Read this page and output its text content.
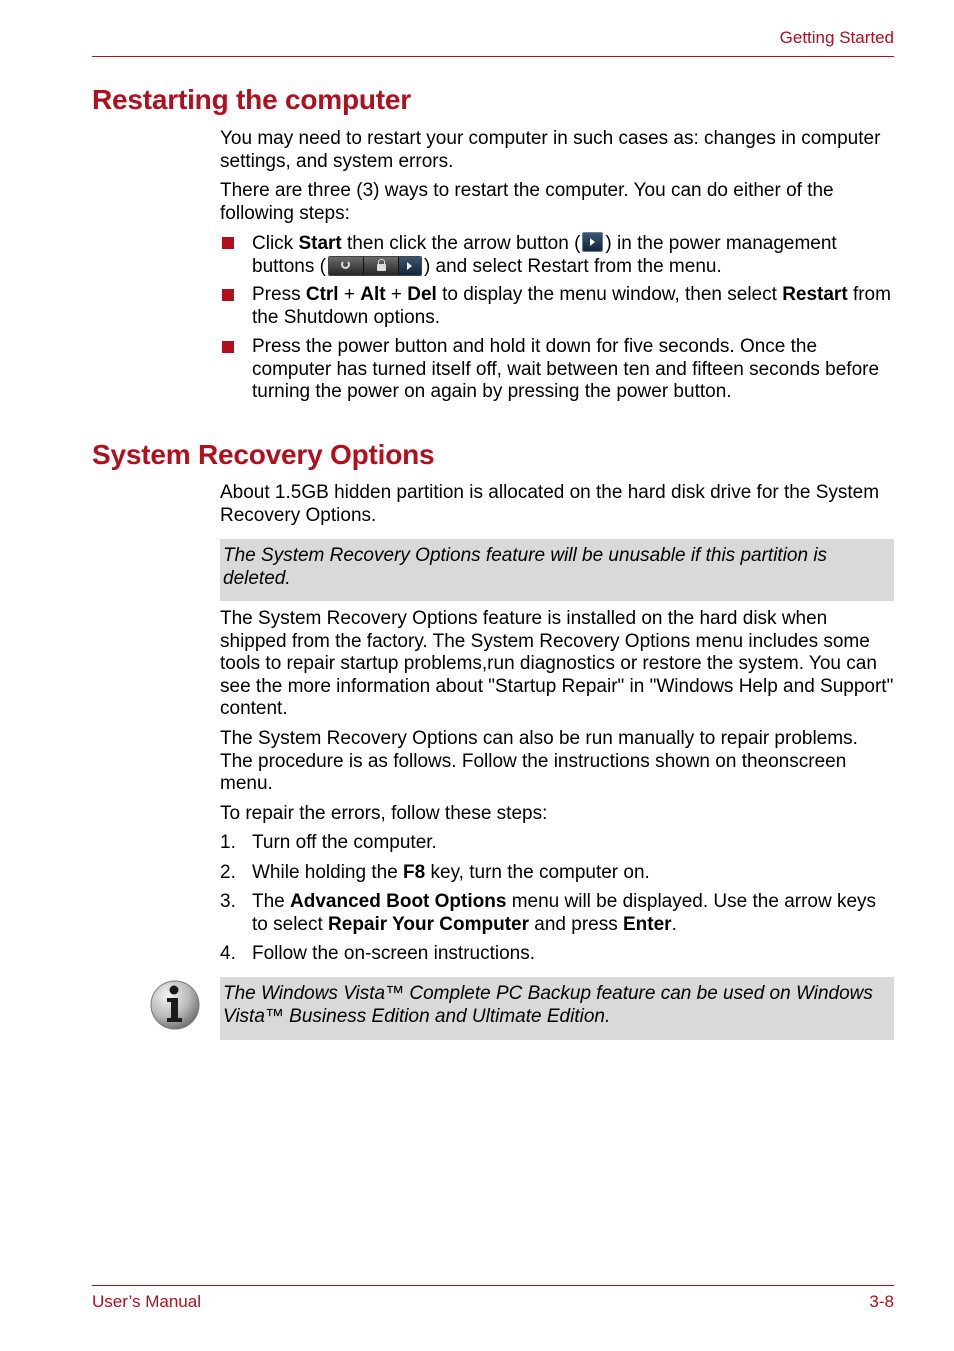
Getting Started
Restarting the computer

You may need to restart your computer in such cases as: changes in computer settings, and system errors.

There are three (3) ways to restart the computer. You can do either of the following steps:

Click Start then click the arrow button ( ) in the power management buttons (	) and select Restart from the menu.
Press Ctrl + Alt + Del to display the menu window, then select Restart from the Shutdown options.
Press the power button and hold it down for five seconds. Once the computer has turned itself off, wait between ten and fifteen seconds before turning the power on again by pressing the power button.
System Recovery Options

About 1.5GB hidden partition is allocated on the hard disk drive for the System Recovery Options.

The System Recovery Options feature will be unusable if this partition is deleted.

The System Recovery Options feature is installed on the hard disk when shipped from the factory. The System Recovery Options menu includes some tools to repair startup problems,run diagnostics or restore the system. You can see the more information about "Startup Repair" in "Windows Help and Support" content.

The System Recovery Options can also be run manually to repair problems. The procedure is as follows. Follow the instructions shown on theonscreen menu.

To repair the errors, follow these steps:

1. Turn off the computer.
2. While holding the F8 key, turn the computer on.
3. The Advanced Boot Options menu will be displayed. Use the arrow keys to select Repair Your Computer and press Enter.
4. Follow the on-screen instructions.
The Windows Vista™ Complete PC Backup feature can be used on Windows Vista™ Business Edition and Ultimate Edition.
User’s Manual	3-8
